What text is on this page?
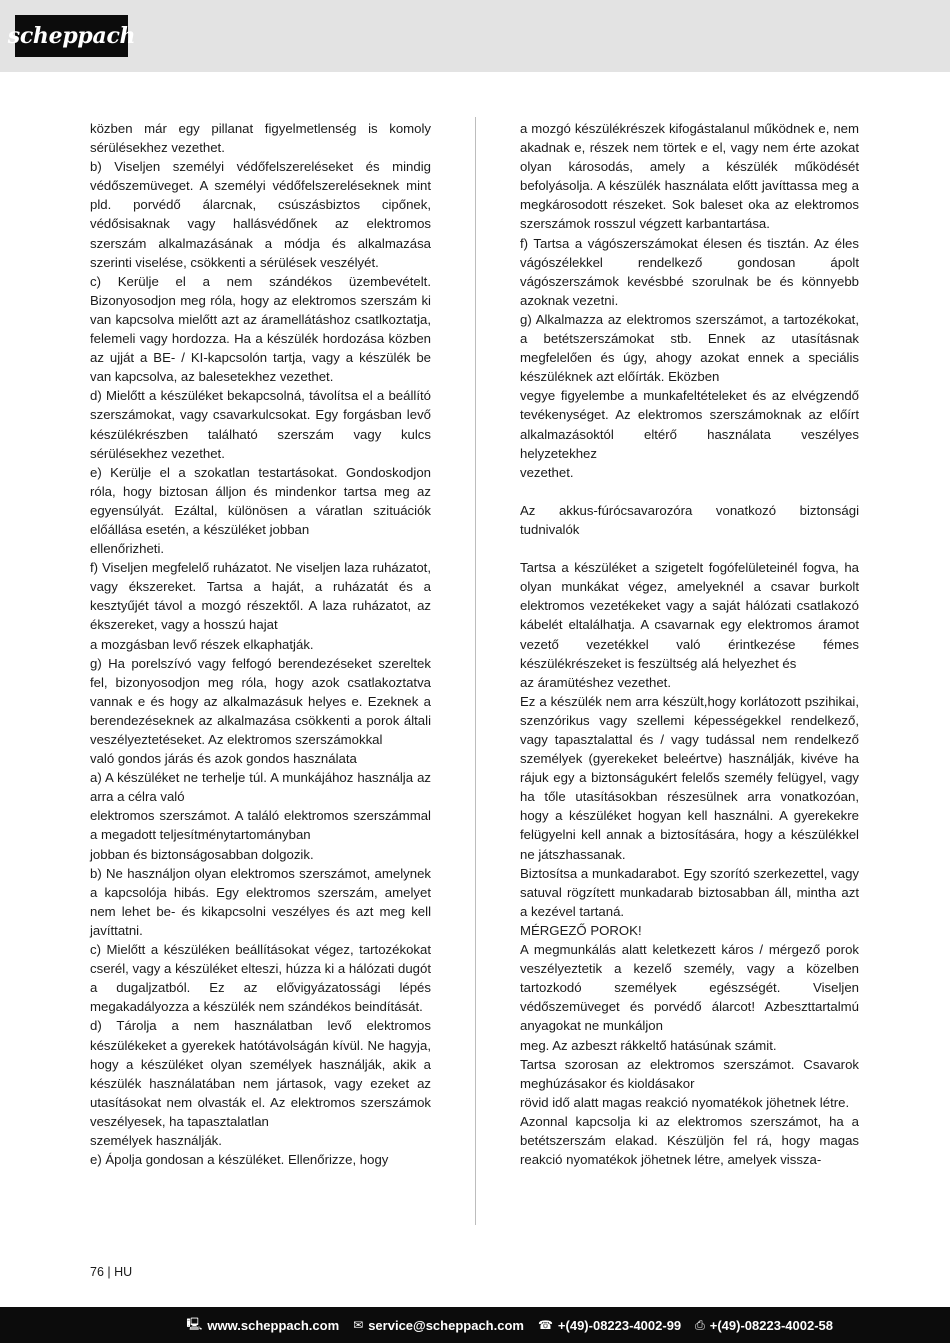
scheppach

közben már egy pillanat figyelmetlenség is komoly sérülésekhez vezethet.

b) Viseljen személyi védőfelszereléseket és mindig védőszemüveget. A személyi védőfelszereléseknek mint pld. porvédő álarcnak, csúszásbiztos cipőnek, védősisaknak vagy hallásvédőnek az elektromos szerszám alkalmazásának a módja és alkalmazása szerinti viselése, csökkenti a sérülések veszélyét.

c) Kerülje el a nem szándékos üzembevételt. Bizonyosodjon meg róla, hogy az elektromos szerszám ki van kapcsolva mielőtt azt az áramellátáshoz csatlkoztatja, felemeli vagy hordozza. Ha a készülék hordozása közben az ujját a BE- / KI-kapcsolón tartja, vagy a készülék be van kapcsolva, az balesetekhez vezethet.

d) Mielőtt a készüléket bekapcsolná, távolítsa el a beállító szerszámokat, vagy csavarkulcsokat. Egy forgásban levő készülékrészben található szerszám vagy kulcs sérülésekhez vezethet.

e) Kerülje el a szokatlan testartásokat. Gondoskodjon róla, hogy biztosan álljon és mindenkor tartsa meg az egyensúlyát. Ezáltal, különösen a váratlan szituációk előállása esetén, a készüléket jobban

ellenőrizheti.

f) Viseljen megfelelő ruházatot. Ne viseljen laza ruházatot, vagy ékszereket. Tartsa a haját, a ruházatát és a kesztyűjét távol a mozgó részektől. A laza ruházatot, az ékszereket, vagy a hosszú hajat

a mozgásban levő részek elkaphatják.

g) Ha porelszívó vagy felfogó berendezéseket szereltek fel, bizonyosodjon meg róla, hogy azok csatlakoztatva vannak e és hogy az alkalmazásuk helyes e. Ezeknek a berendezéseknek az alkalmazása csökkenti a porok általi veszélyeztetéseket. Az elektromos szerszámokkal

való gondos járás és azok gondos használata

a) A készüléket ne terhelje túl. A munkájához használja az arra a célra való

elektromos szerszámot. A találó elektromos szerszámmal a megadott teljesítménytartományban

jobban és biztonságosabban dolgozik.

b) Ne használjon olyan elektromos szerszámot, amelynek a kapcsolója hibás. Egy elektromos szerszám, amelyet nem lehet be- és kikapcsolni veszélyes és azt meg kell javíttatni.

c) Mielőtt a készüléken beállításokat végez, tartozékokat cserél, vagy a készüléket elteszi, húzza ki a hálózati dugót a dugaljzatból. Ez az elővigyázatossági lépés megakadályozza a készülék nem szándékos beindítását.

d) Tárolja a nem használatban levő elektromos készülékeket a gyerekek hatótávolságán kívül. Ne hagyja, hogy a készüléket olyan személyek használják, akik a készülék használatában nem jártasok, vagy ezeket az utasításokat nem olvasták el. Az elektromos szerszámok veszélyesek, ha tapasztalatlan

személyek használják.

e) Ápolja gondosan a készüléket. Ellenőrizze, hogy

a mozgó készülékrészek kifogástalanul működnek e, nem akadnak e, részek nem törtek e el, vagy nem érte azokat olyan károsodás, amely a készülék működését befolyásolja. A készülék használata előtt javíttassa meg a megkárosodott részeket. Sok baleset oka az elektromos szerszámok rosszul végzett karbantartása.

f) Tartsa a vágószerszámokat élesen és tisztán. Az éles vágószélekkel rendelkező gondosan ápolt vágószerszámok kevésbbé szorulnak be és könnyebb azoknak vezetni.

g) Alkalmazza az elektromos szerszámot, a tartozékokat, a betétszerszámokat stb. Ennek az utasításnak megfelelően és úgy, ahogy azokat ennek a speciális készüléknek azt előírták. Eközben

vegye figyelembe a munkafeltételeket és az elvégzendő tevékenységet. Az elektromos szerszámoknak az előírt alkalmazásoktól eltérő használata veszélyes helyzetekhez

vezethet.

Az akkus-fúrócsavarozóra vonatkozó biztonsági tudnivalók

Tartsa a készüléket a szigetelt fogófelületeinél fogva, ha olyan munkákat végez, amelyeknél a csavar burkolt elektromos vezetékeket vagy a saját hálózati csatlakozó kábelét eltalálhatja. A csavarnak egy elektromos áramot vezető vezetékkel való érintkezése fémes készülékrészeket is feszültség alá helyezhet és

az áramütéshez vezethet.

Ez a készülék nem arra készült,hogy korlátozott pszihikai, szenzórikus vagy szellemi képességekkel rendelkező, vagy tapasztalattal és / vagy tudással nem rendelkező személyek (gyerekeket beleértve) használják, kivéve ha rájuk egy a biztonságukért felelős személy felügyel, vagy ha tőle utasításokban részesülnek arra vonatkozóan, hogy a készüléket hogyan kell használni. A gyerekekre felügyelni kell annak a biztosítására, hogy a készülékkel ne játszhassanak.

Biztosítsa a munkadarabot. Egy szorító szerkezettel, vagy satuval rögzített munkadarab biztosabban áll, mintha azt a kezével tartaná.

MÉRGEZŐ POROK!

A megmunkálás alatt keletkezett káros / mérgező porok veszélyeztetik a kezelő személy, vagy a közelben tartozkodó személyek egészségét. Viseljen védőszemüveget és porvédő álarcot! Azbeszttartalmú anyagokat ne munkáljon

meg. Az azbeszt rákkeltő hatásúnak számit.

Tartsa szorosan az elektromos szerszámot. Csavarok meghúzásakor és kioldásakor

rövid idő alatt magas reakció nyomatékok jöhetnek létre.

Azonnal kapcsolja ki az elektromos szerszámot, ha a betétszerszám elakad. Készüljön fel rá, hogy magas reakció nyomatékok jöhetnek létre, amelyek vissza-

76 | HU
🖳 www.scheppach.com ✉ service@scheppach.com ☎ +(49)-08223-4002-99 ⎙ +(49)-08223-4002-58
